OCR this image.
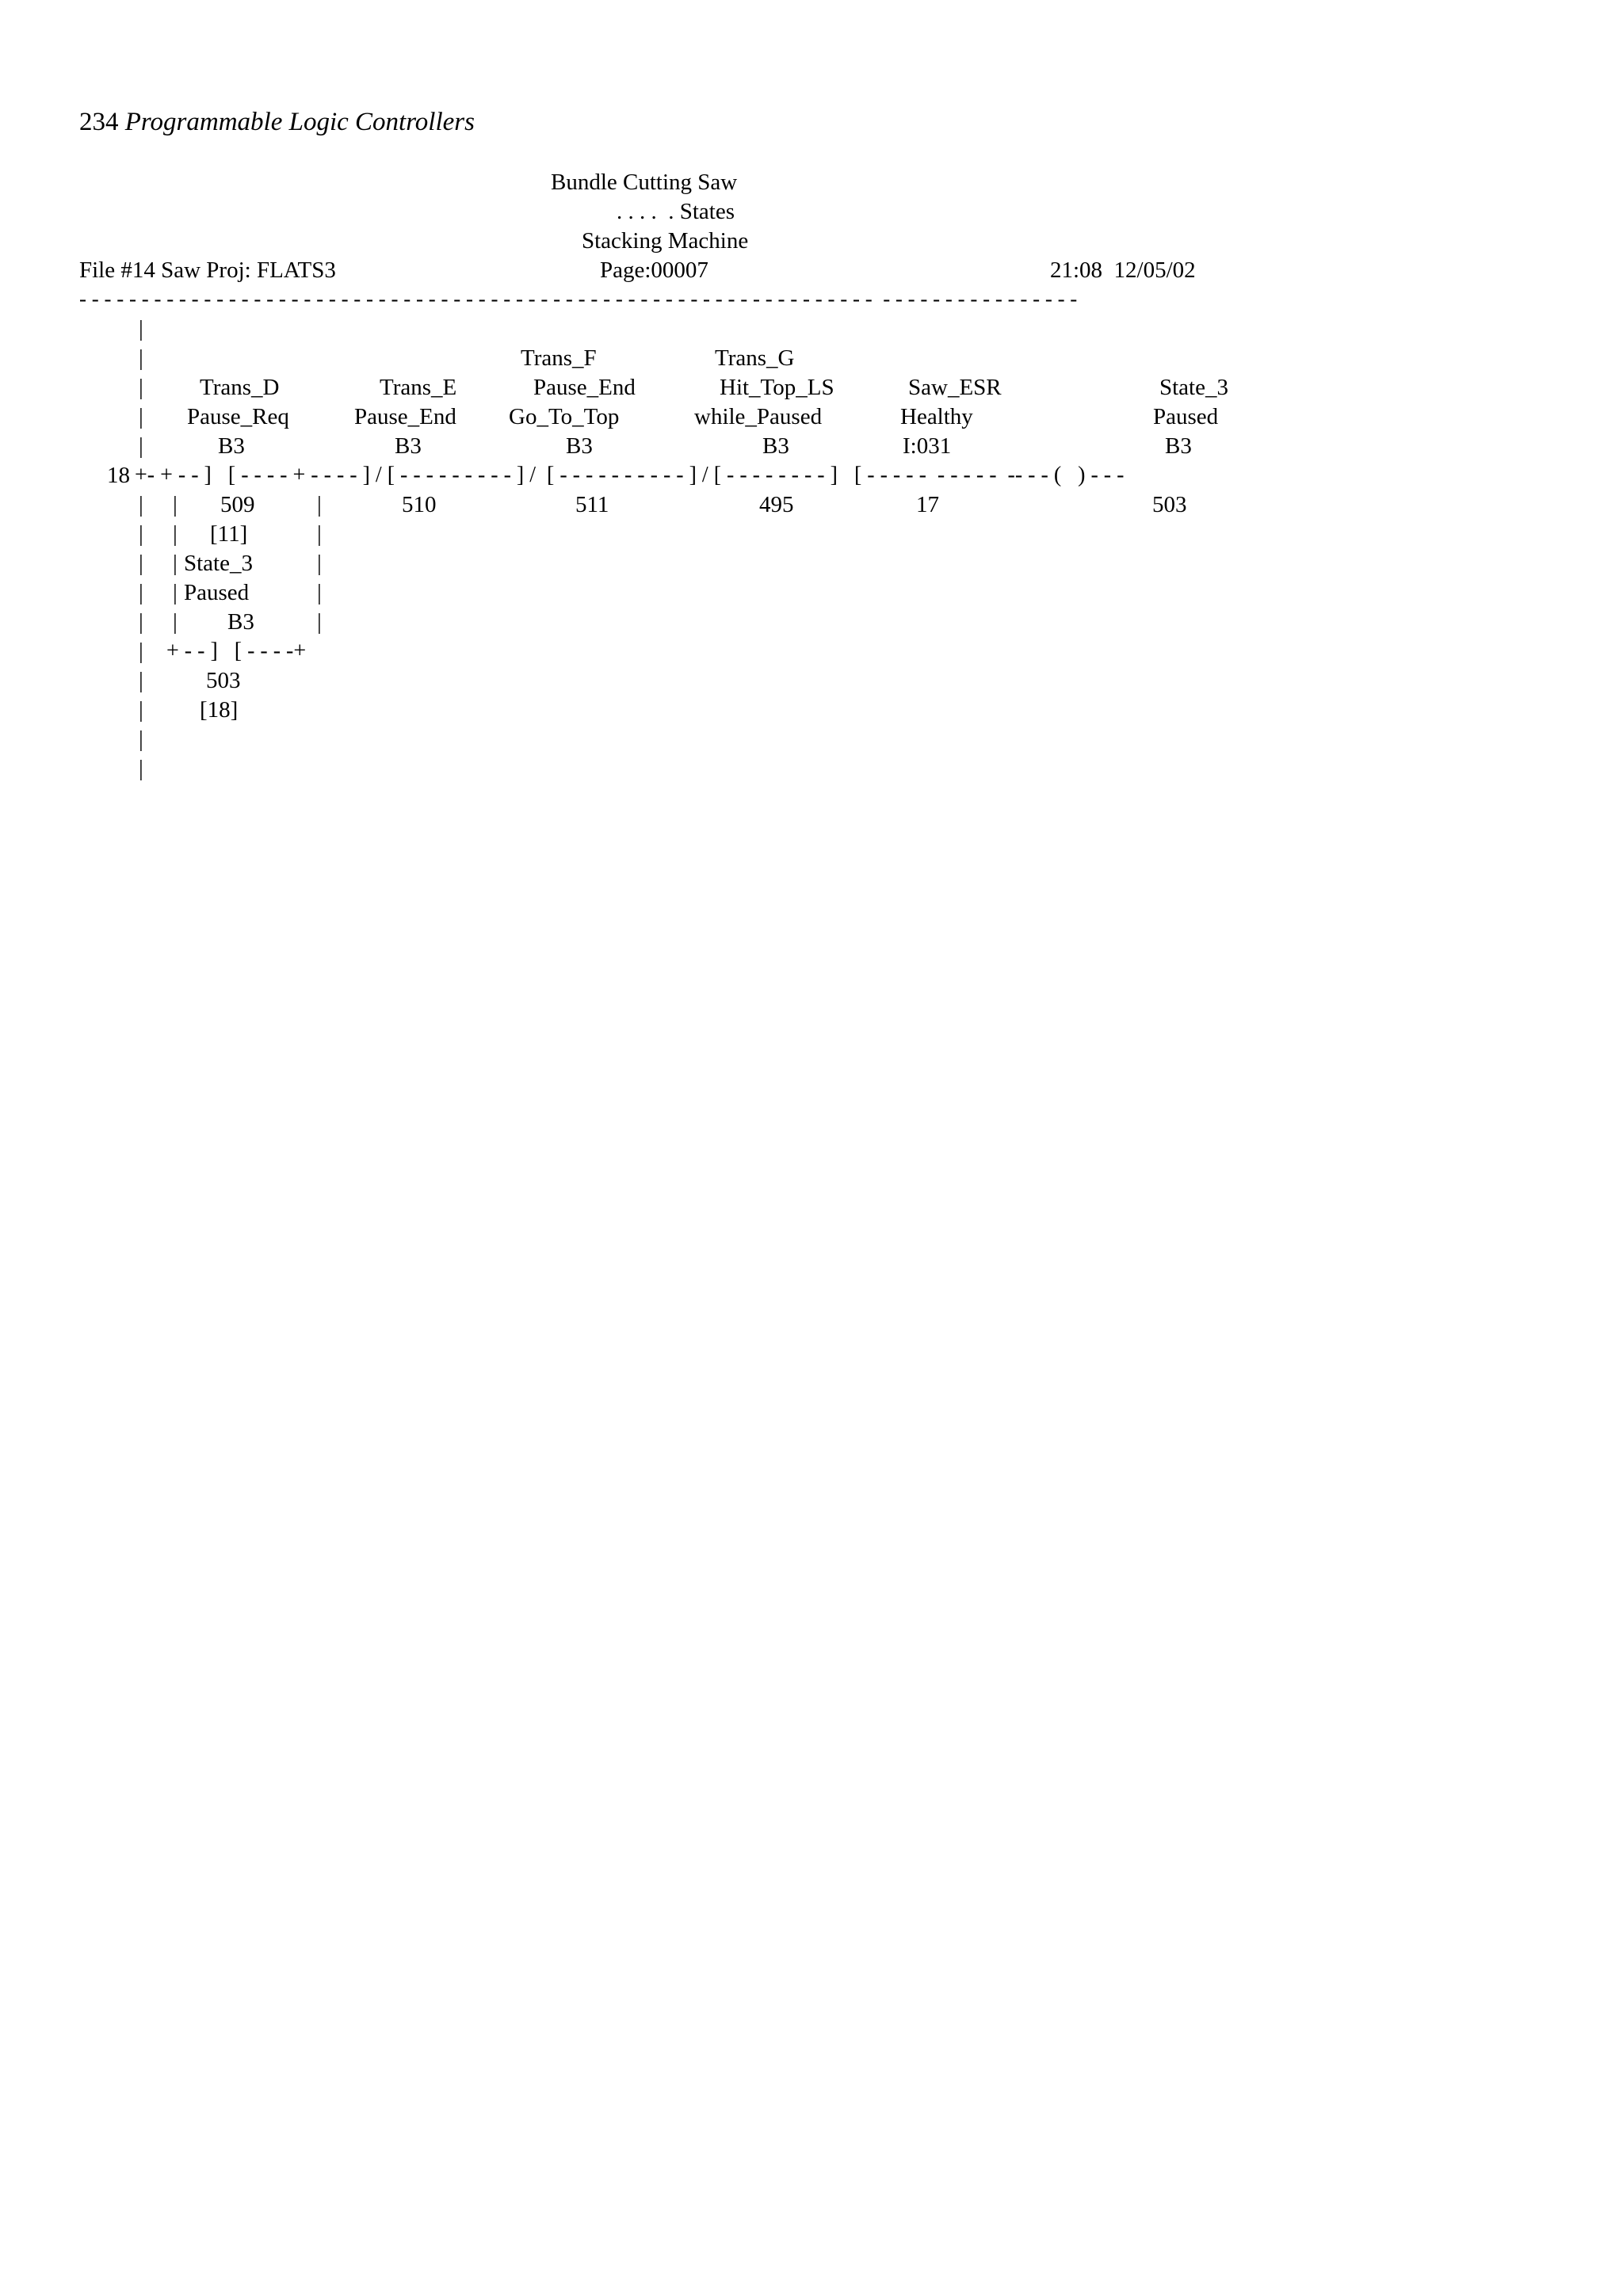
234 Programmable Logic Controllers
Bundle Cutting Saw
. . . .  . States
Stacking Machine
File #14 Saw Proj: FLATS3	Page:00007	21:08  12/05/02
- - - - - - - - - - - - - - - - - - - - - - - - - - - - - - - - - - - - - - - - - - - - - - - - - - - - - - - - - - - - - - - -  - - - - - - - - - - - - - - - -
|
|
|
|
|
|
|
|
|
|
|
|
|
|
|
Trans_D
Pause_Req
B3
Trans_E
Pause_End
B3
Trans_F
Pause_End
Go_To_Top
B3
Trans_G
Hit_Top_LS
while_Paused
B3
Saw_ESR
Healthy
I:031
State_3
Paused
B3
18 +- + - - ]   [ - - - - + - - - - ] / [ - - - - - - - - - ] /  [ - - - - - - - - - - ] / [ - - - - - - - - ]   [ - - - - -  - - - - -  -- - - (   ) - - -
| 509	|	510	511	495	17	503
| [11]	|
| State_3	|
| Paused	|
| B3	|
+ - - ]   [ - - - -+
503
[18]
